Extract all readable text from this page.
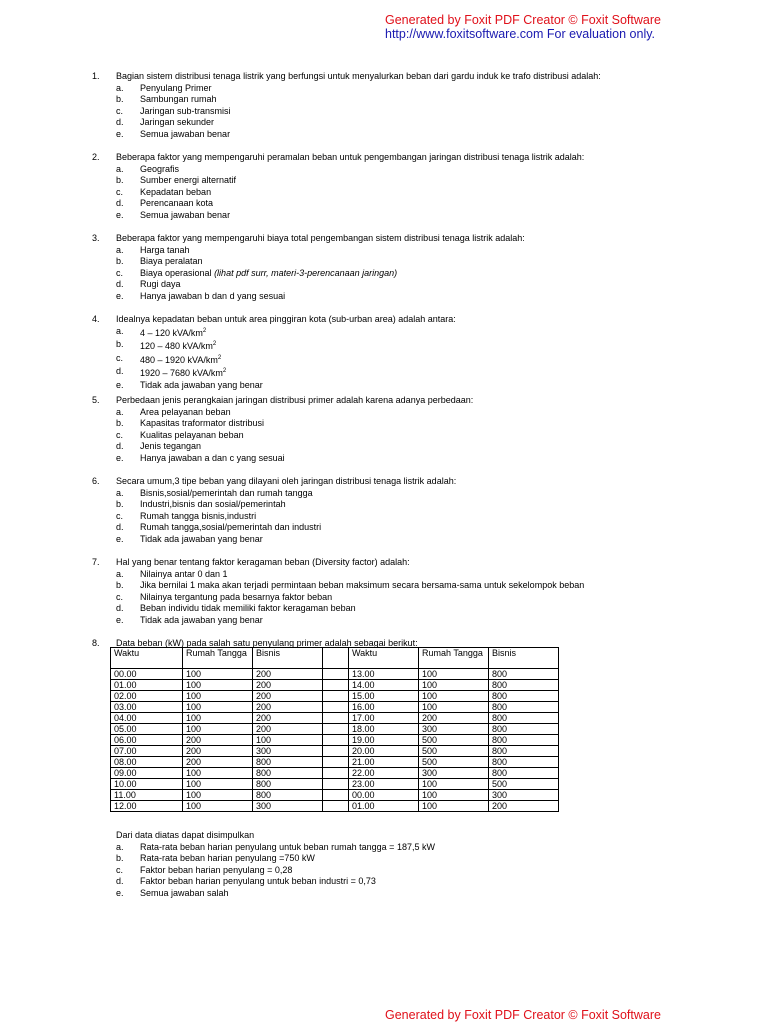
Generated by Foxit PDF Creator © Foxit Software
http://www.foxitsoftware.com For evaluation only.
1.	Bagian sistem distribusi tenaga listrik yang berfungsi untuk menyalurkan beban dari gardu induk ke trafo distribusi adalah:
a.	Penyulang Primer
b.	Sambungan rumah
c.	Jaringan sub-transmisi
d.	Jaringan sekunder
e.	Semua jawaban benar
2.	Beberapa faktor yang mempengaruhi peramalan beban untuk pengembangan jaringan distribusi tenaga listrik adalah:
a.	Geografis
b.	Sumber energi alternatif
c.	Kepadatan beban
d.	Perencanaan kota
e.	Semua jawaban benar
3.	Beberapa faktor yang mempengaruhi biaya total pengembangan sistem distribusi tenaga listrik adalah:
a.	Harga tanah
b.	Biaya peralatan
c.	Biaya operasional (lihat pdf surr, materi-3-perencanaan jaringan)
d.	Rugi daya
e.	Hanya jawaban b dan d yang sesuai
4.	Idealnya kepadatan beban untuk area pinggiran kota (sub-urban area) adalah antara:
a.	4 – 120 kVA/$km^2$
b.	120 – 480 kVA/$km^2$
c.	480 – 1920 kVA/$km^2$
d.	1920 – 7680 kVA/$km^2$
e.	Tidak ada jawaban yang benar
5.	Perbedaan jenis perangkaian jaringan distribusi primer adalah karena adanya perbedaan:
a.	Area pelayanan beban
b.	Kapasitas traformator distribusi
c.	Kualitas pelayanan beban
d.	Jenis tegangan
e.	Hanya jawaban a dan c yang sesuai
6.	Secara umum,3 tipe beban yang dilayani oleh jaringan distribusi tenaga listrik adalah:
a.	Bisnis,sosial/pemerintah dan rumah tangga
b.	Industri,bisnis dan sosial/pemerintah
c.	Rumah tangga bisnis,industri
d.	Rumah tangga,sosial/pemerintah dan industri
e.	Tidak ada jawaban yang benar
7.	Hal yang benar tentang faktor keragaman beban (Diversity factor) adalah:
a.	Nilainya antar 0 dan 1
b.	Jika bernilai 1 maka akan terjadi permintaan beban maksimum secara bersama-sama untuk sekelompok beban
c.	Nilainya tergantung pada besarnya faktor beban
d.	Beban individu tidak memiliki faktor keragaman beban
e.	Tidak ada jawaban yang benar
8.	Data beban (kW) pada salah satu penyulang primer adalah sebagai berikut:
Waktu	Rumah Tangga	Bisnis		Waktu	Rumah Tangga	Bisnis
00.00	100	200		13.00	100	800
01.00	100	200		14.00	100	800
02.00	100	200		15.00	100	800
03.00	100	200		16.00	100	800
04.00	100	200		17.00	200	800
05.00	100	200		18.00	300	800
06.00	200	100		19.00	500	800
07.00	200	300		20.00	500	800
08.00	200	800		21.00	500	800
09.00	100	800		22.00	300	800
10.00	100	800		23.00	100	500
11.00	100	800		00.00	100	300
12.00	100	300		01.00	100	200
Dari data diatas dapat disimpulkan
a.	Rata-rata beban harian penyulang untuk beban rumah tangga = 187,5 kW
b.	Rata-rata beban harian penyulang =750 kW
c.	Faktor beban harian penyulang = 0,28
d.	Faktor beban harian penyulang untuk beban industri = 0,73
e.	Semua jawaban salah
Generated by Foxit PDF Creator © Foxit Software
